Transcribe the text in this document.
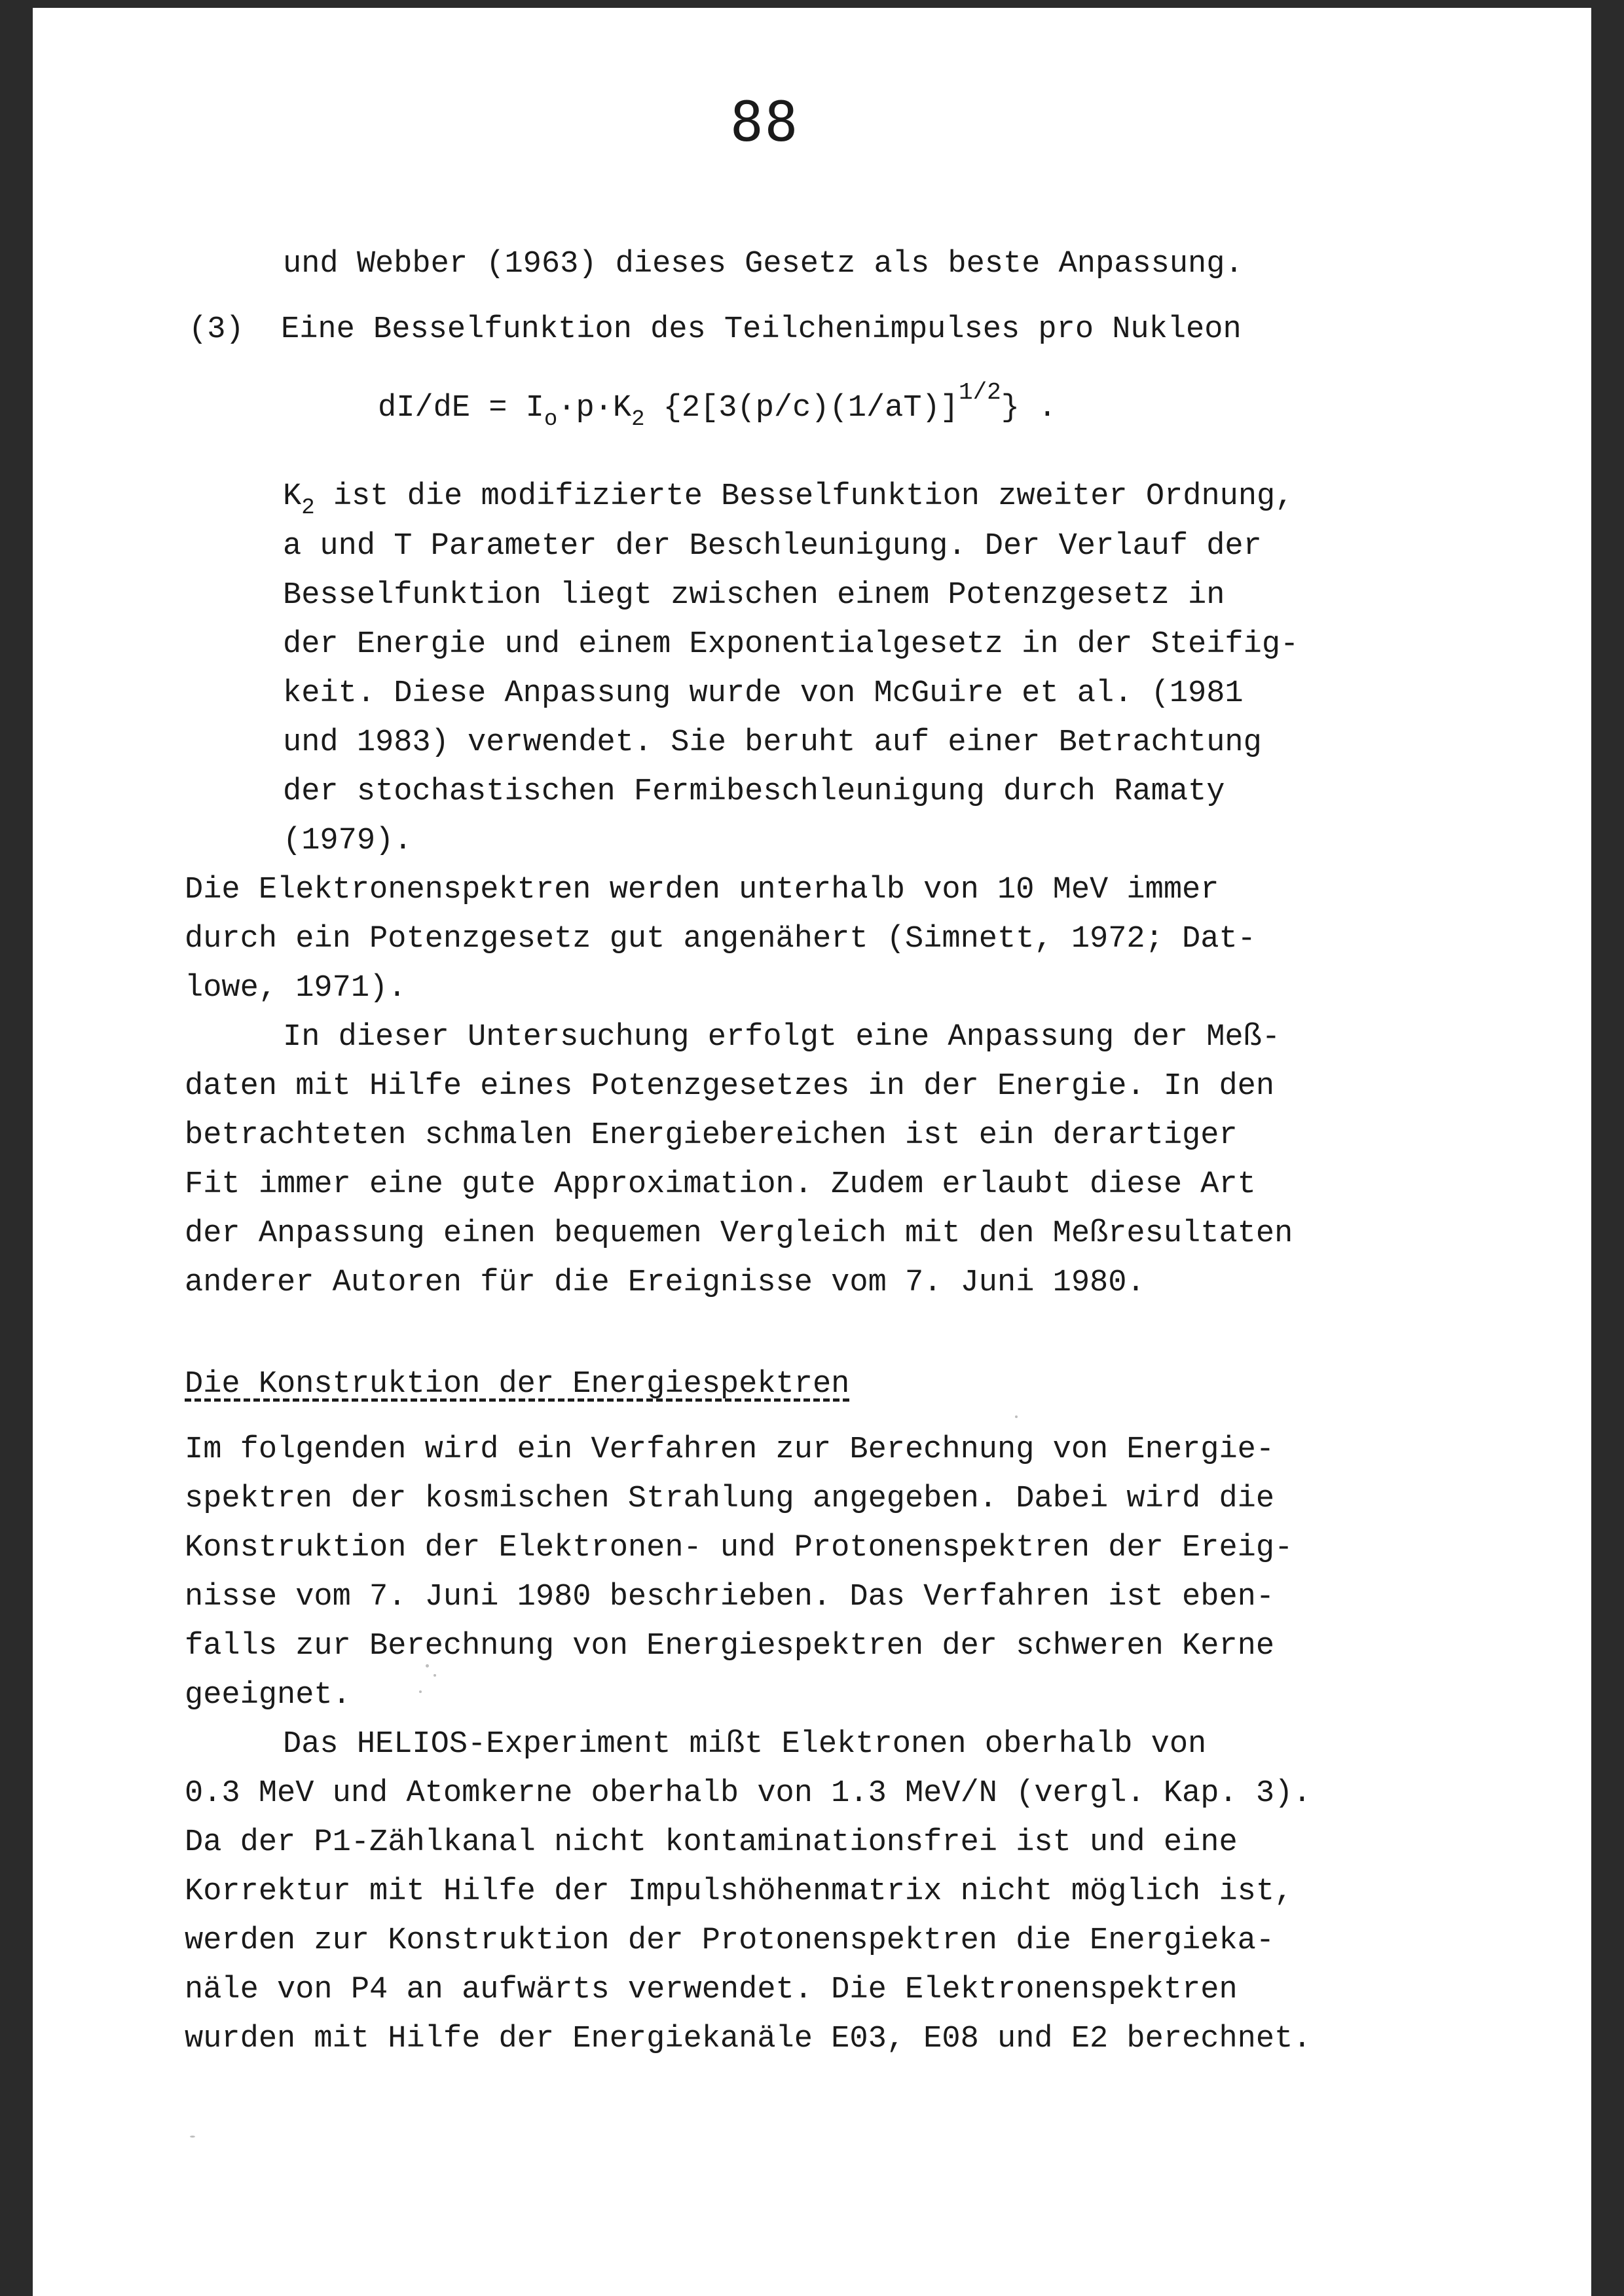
88
und Webber (1963) dieses Gesetz als beste Anpassung.
(3)  Eine Besselfunktion des Teilchenimpulses pro Nukleon
$dI/dE = I_o\cdot p\cdot K_2$ $\{2[3(p/c)(1/aT)]^{1/2}\}$ .
$K_2$ ist die modifizierte Besselfunktion zweiter Ordnung,
a und T Parameter der Beschleunigung. Der Verlauf der
Besselfunktion liegt zwischen einem Potenzgesetz in
der Energie und einem Exponentialgesetz in der Steifig-
keit. Diese Anpassung wurde von McGuire et al. (1981
und 1983) verwendet. Sie beruht auf einer Betrachtung
der stochastischen Fermibeschleunigung durch Ramaty
(1979).
Die Elektronenspektren werden unterhalb von 10 MeV immer
durch ein Potenzgesetz gut angenähert (Simnett, 1972; Dat-
lowe, 1971).
In dieser Untersuchung erfolgt eine Anpassung der Meß-
daten mit Hilfe eines Potenzgesetzes in der Energie. In den
betrachteten schmalen Energiebereichen ist ein derartiger
Fit immer eine gute Approximation. Zudem erlaubt diese Art
der Anpassung einen bequemen Vergleich mit den Meßresultaten
anderer Autoren für die Ereignisse vom 7. Juni 1980.
Die Konstruktion der Energiespektren
Im folgenden wird ein Verfahren zur Berechnung von Energie-
spektren der kosmischen Strahlung angegeben. Dabei wird die
Konstruktion der Elektronen- und Protonenspektren der Ereig-
nisse vom 7. Juni 1980 beschrieben. Das Verfahren ist eben-
falls zur Berechnung von Energiespektren der schweren Kerne
geeignet.
Das HELIOS-Experiment mißt Elektronen oberhalb von
0.3 MeV und Atomkerne oberhalb von 1.3 MeV/N (vergl. Kap. 3).
Da der P1-Zählkanal nicht kontaminationsfrei ist und eine
Korrektur mit Hilfe der Impulshöhenmatrix nicht möglich ist,
werden zur Konstruktion der Protonenspektren die Energieka-
näle von P4 an aufwärts verwendet. Die Elektronenspektren
wurden mit Hilfe der Energiekanäle E03, E08 und E2 berechnet.
